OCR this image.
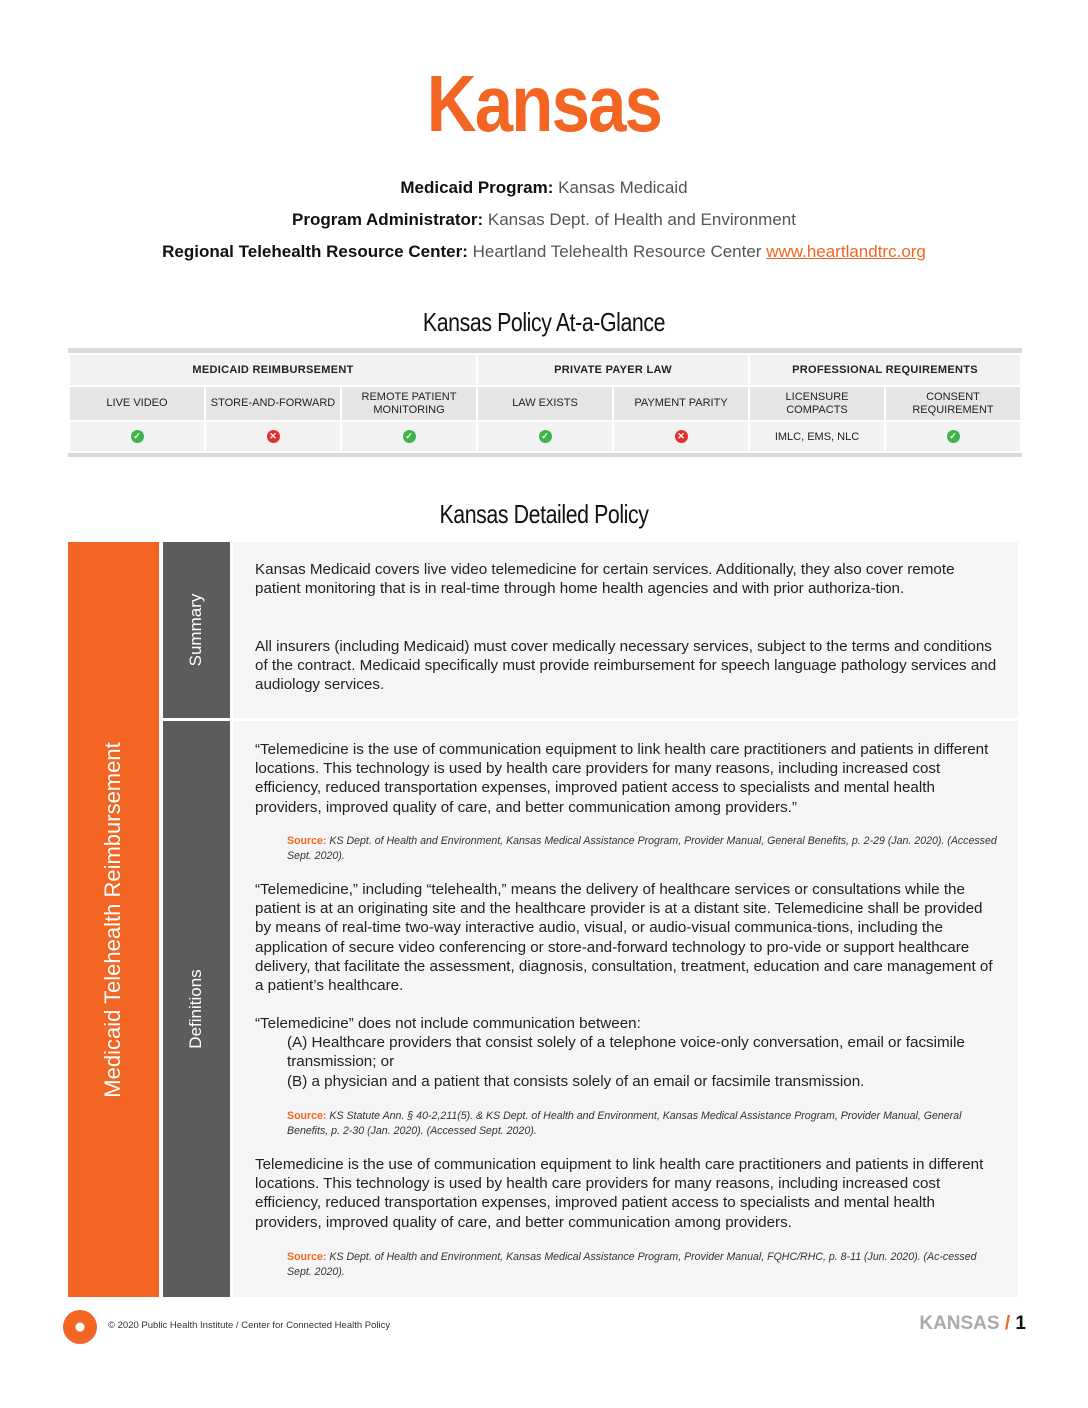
Kansas
Medicaid Program: Kansas Medicaid
Program Administrator: Kansas Dept. of Health and Environment
Regional Telehealth Resource Center: Heartland Telehealth Resource Center www.heartlandtrc.org
Kansas Policy At-a-Glance
MEDICAID REIMBURSEMENT			PRIVATE PAYER LAW		PROFESSIONAL REQUIREMENTS	
LIVE VIDEO	STORE-AND-FORWARD	REMOTE PATIENT MONITORING	LAW EXISTS	PAYMENT PARITY	LICENSURE COMPACTS	CONSENT REQUIREMENT
✓	✕	✓	✓	✕	IMLC, EMS, NLC	✓
Kansas Detailed Policy
Medicaid Telehealth Reimbursement
Summary
Definitions
Kansas Medicaid covers live video telemedicine for certain services. Additionally, they also cover remote patient monitoring that is in real-time through home health agencies and with prior authoriza-tion.
All insurers (including Medicaid) must cover medically necessary services, subject to the terms and conditions of the contract. Medicaid specifically must provide reimbursement for speech language pathology services and audiology services.
“Telemedicine is the use of communication equipment to link health care practitioners and patients in different locations. This technology is used by health care providers for many reasons, including increased cost efficiency, reduced transportation expenses, improved patient access to specialists and mental health providers, improved quality of care, and better communication among providers.”
Source: KS Dept. of Health and Environment, Kansas Medical Assistance Program, Provider Manual, General Benefits, p. 2-29 (Jan. 2020). (Accessed Sept. 2020).
“Telemedicine,” including “telehealth,” means the delivery of healthcare services or consultations while the patient is at an originating site and the healthcare provider is at a distant site. Telemedicine shall be provided by means of real-time two-way interactive audio, visual, or audio-visual communica-tions, including the application of secure video conferencing or store-and-forward technology to pro-vide or support healthcare delivery, that facilitate the assessment, diagnosis, consultation, treatment, education and care management of a patient’s healthcare.
“Telemedicine” does not include communication between:
(A) Healthcare providers that consist solely of a telephone voice-only conversation, email or facsimile transmission; or
(B) a physician and a patient that consists solely of an email or facsimile transmission.
Source: KS Statute Ann. § 40-2,211(5). & KS Dept. of Health and Environment, Kansas Medical Assistance Program, Provider Manual, General Benefits, p. 2-30 (Jan. 2020). (Accessed Sept. 2020).
Telemedicine is the use of communication equipment to link health care practitioners and patients in different locations. This technology is used by health care providers for many reasons, including increased cost efficiency, reduced transportation expenses, improved patient access to specialists and mental health providers, improved quality of care, and better communication among providers.
Source: KS Dept. of Health and Environment, Kansas Medical Assistance Program, Provider Manual, FQHC/RHC, p. 8-11 (Jun. 2020). (Ac-cessed Sept. 2020).
© 2020 Public Health Institute / Center for Connected Health Policy	KANSAS / 1
